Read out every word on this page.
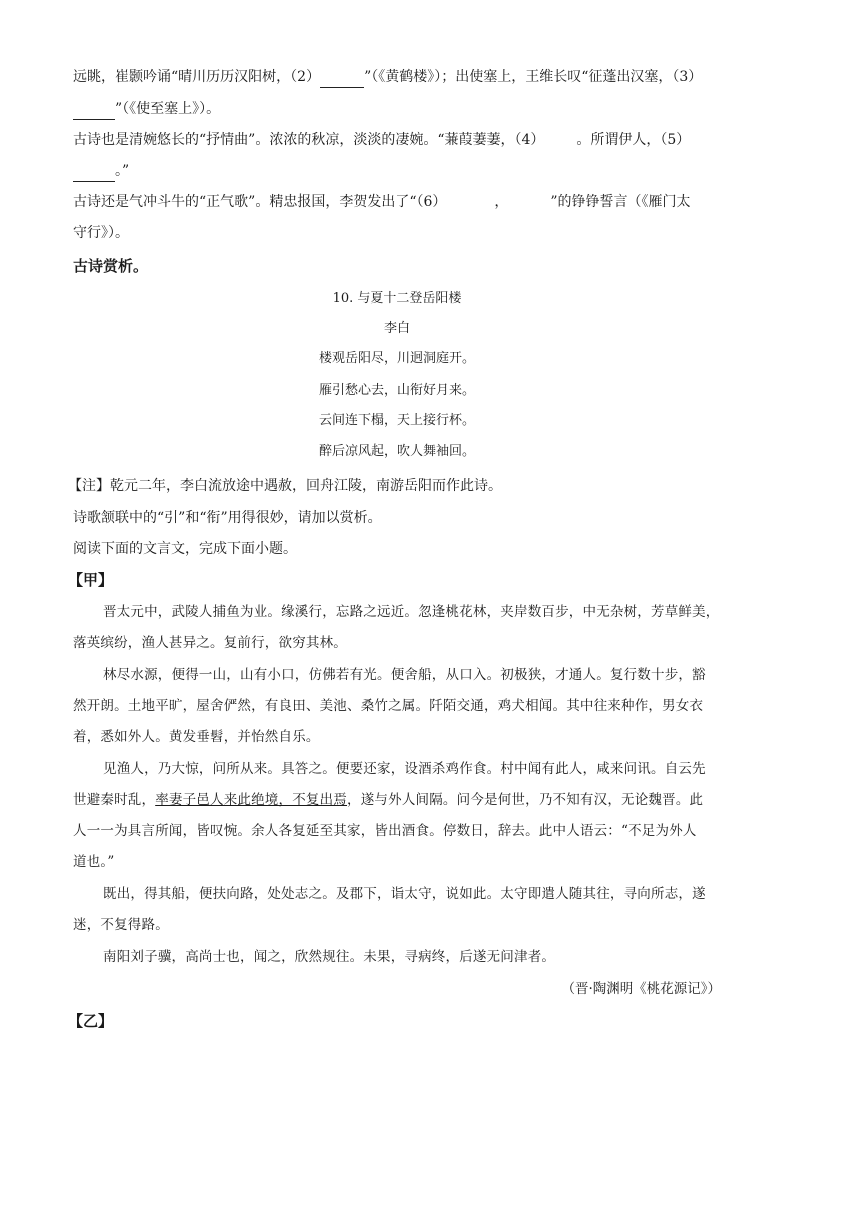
远眺，崔颢吟诵“晴川历历汉阳树，（2）	”（《黄鹤楼》）；出使塞上，王维长叹“征蓬出汉塞，（3）
”（《使至塞上》）。
古诗也是清婉悠长的“抒情曲”。浓浓的秋凉，淡淡的凄婉。“蒹葭萋萋，（4） 。所谓伊人，（5）
。”
古诗还是气冲斗牛的“正气歌”。精忠报国，李贺发出了“（6）	，	”的铮铮誓言（《雁门太
守行》）。
古诗赏析。
10. 与夏十二登岳阳楼
李白
楼观岳阳尽，川迥洞庭开。
雁引愁心去，山衔好月来。
云间连下榻，天上接行杯。
醉后凉风起，吹人舞袖回。
【注】乾元二年，李白流放途中遇赦，回舟江陵，南游岳阳而作此诗。
诗歌颔联中的“引”和“衔”用得很妙，请加以赏析。
阅读下面的文言文，完成下面小题。
【甲】
晋太元中，武陵人捕鱼为业。缘溪行，忘路之远近。忽逢桃花林，夹岸数百步，中无杂树，芳草鲜美，
落英缤纷，渔人甚异之。复前行，欲穷其林。
林尽水源，便得一山，山有小口，仿佛若有光。便舍船，从口入。初极狭，才通人。复行数十步，豁
然开朗。土地平旷，屋舍俨然，有良田、美池、桑竹之属。阡陌交通，鸡犬相闻。其中往来种作，男女衣
着，悉如外人。黄发垂髫，并怡然自乐。
见渔人，乃大惊，问所从来。具答之。便要还家，设酒杀鸡作食。村中闻有此人，咸来问讯。自云先
世避秦时乱，率妻子邑人来此绝境，不复出焉，遂与外人间隔。问今是何世，乃不知有汉，无论魏晋。此
人一一为具言所闻，皆叹惋。余人各复延至其家，皆出酒食。停数日，辞去。此中人语云：“不足为外人
道也。”
既出，得其船，便扶向路，处处志之。及郡下，诣太守，说如此。太守即遣人随其往，寻向所志，遂
迷，不复得路。
南阳刘子骥，高尚士也，闻之，欣然规往。未果，寻病终，后遂无问津者。
（晋·陶渊明《桃花源记》）
【乙】
